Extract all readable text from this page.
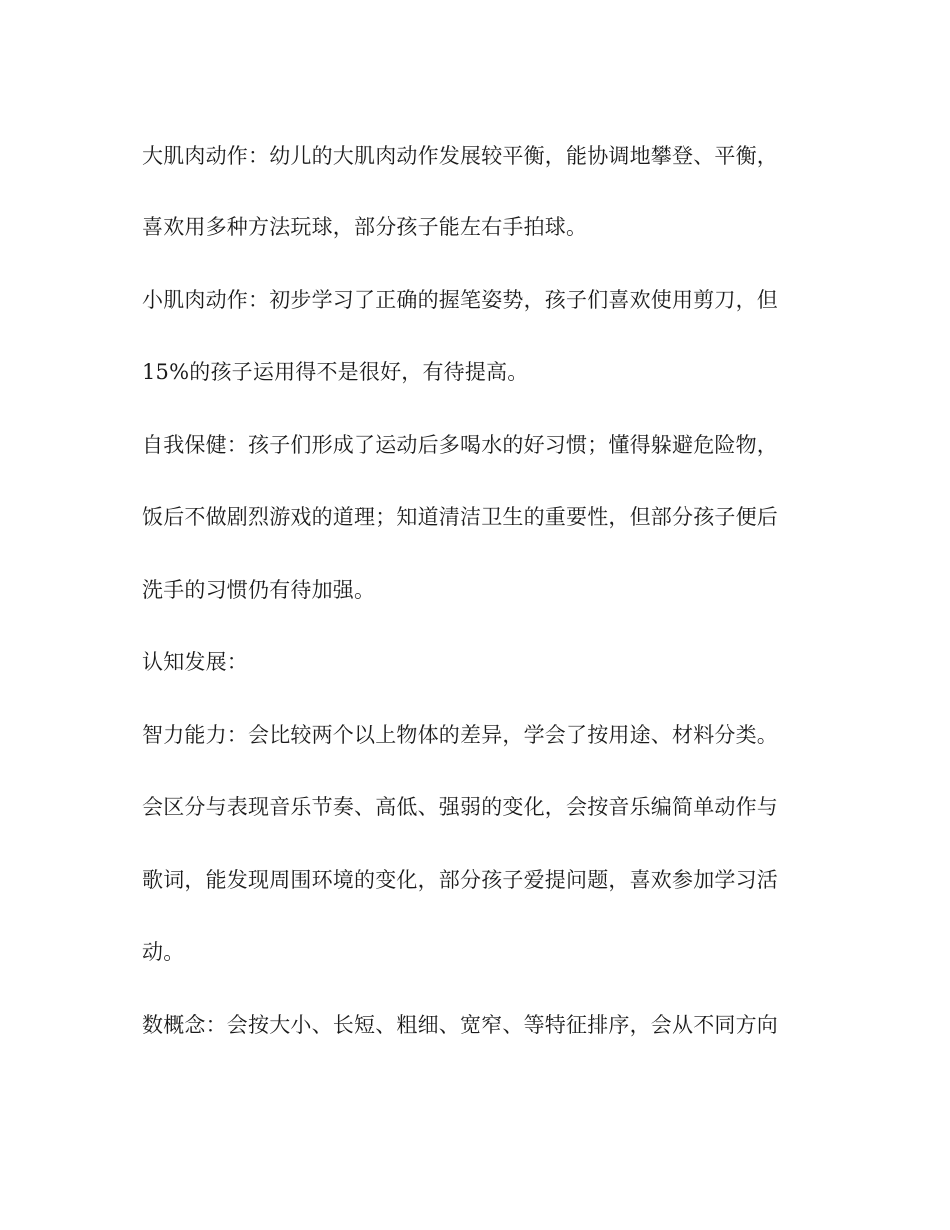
大肌肉动作：幼儿的大肌肉动作发展较平衡，能协调地攀登、平衡，
喜欢用多种方法玩球，部分孩子能左右手拍球。
小肌肉动作：初步学习了正确的握笔姿势，孩子们喜欢使用剪刀，但
15%的孩子运用得不是很好，有待提高。
自我保健：孩子们形成了运动后多喝水的好习惯；懂得躲避危险物，
饭后不做剧烈游戏的道理；知道清洁卫生的重要性，但部分孩子便后
洗手的习惯仍有待加强。
认知发展：
智力能力：会比较两个以上物体的差异，学会了按用途、材料分类。
会区分与表现音乐节奏、高低、强弱的变化，会按音乐编简单动作与
歌词，能发现周围环境的变化，部分孩子爱提问题，喜欢参加学习活
动。
数概念：会按大小、长短、粗细、宽窄、等特征排序，会从不同方向
